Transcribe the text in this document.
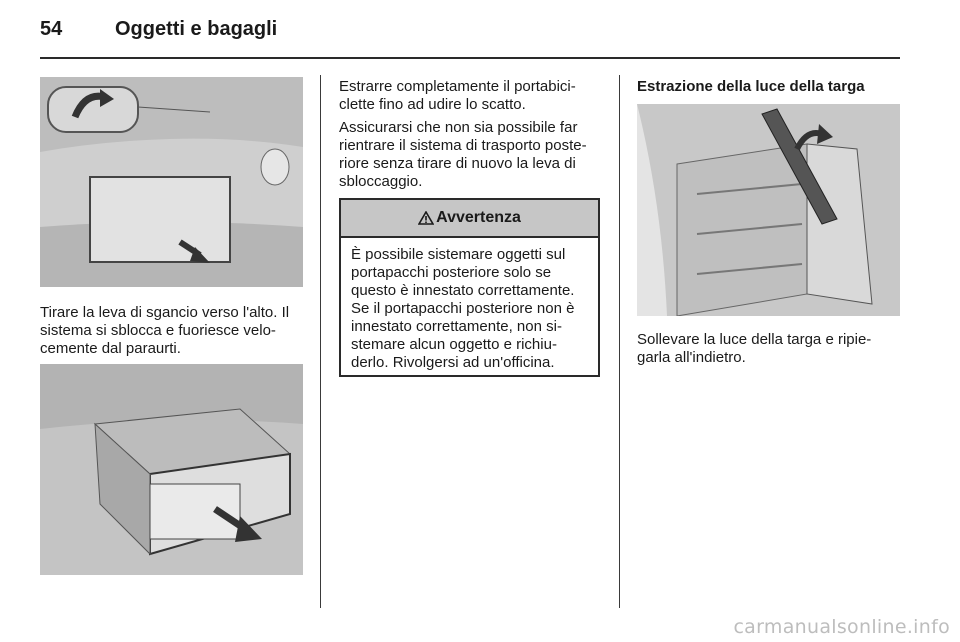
54	Oggetti e bagagli

Tirare la leva di sgancio verso l'alto. Il sistema si sblocca e fuoriesce velo-cemente dal paraurti.

Estrarre completamente il portabici-clette fino ad udire lo scatto.

Assicurarsi che non sia possibile far rientrare il sistema di trasporto poste-riore senza tirare di nuovo la leva di sbloccaggio.

Avvertenza
È possibile sistemare oggetti sul portapacchi posteriore solo se questo è innestato correttamente. Se il portapacchi posteriore non è innestato correttamente, non si-stemare alcun oggetto e richiu-derlo. Rivolgersi ad un'officina.

Estrazione della luce della targa

Sollevare la luce della targa e ripie-garla all'indietro.

carmanualsonline.info
